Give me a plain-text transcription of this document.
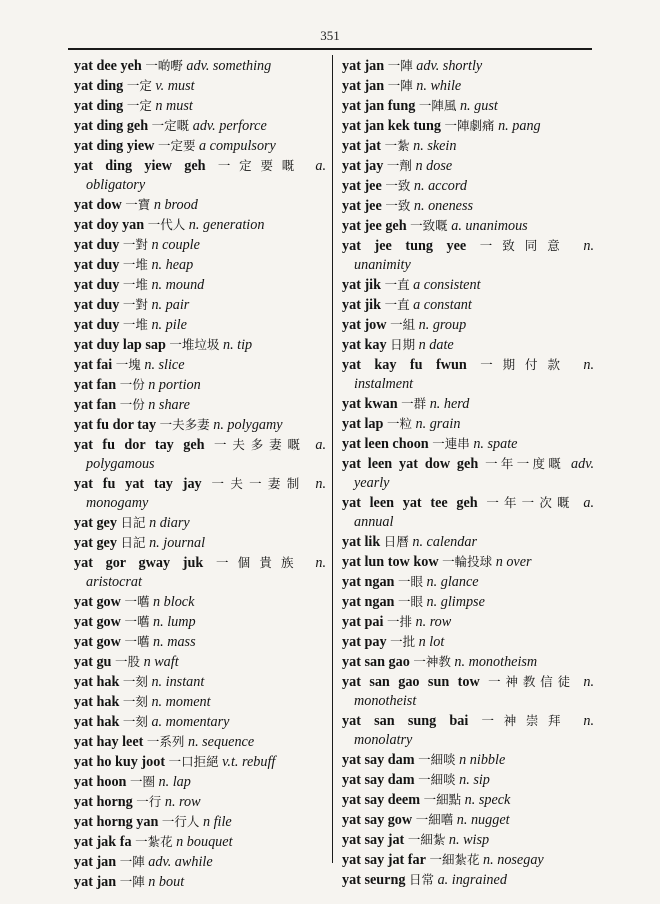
351

yat dee yeh 一啲嘢 adv. something

yat ding 一定 v. must

yat ding 一定 n must

yat ding geh 一定嘅 adv. perforce

yat ding yiew 一定要 a compulsory

yat ding yiew geh 一定要嘅 a.
obligatory

yat dow 一寶 n brood

yat doy yan 一代人 n. generation

yat duy 一對 n couple

yat duy 一堆 n. heap

yat duy 一堆 n. mound

yat duy 一對 n. pair

yat duy 一堆 n. pile

yat duy lap sap 一堆垃圾 n. tip

yat fai 一塊 n. slice

yat fan 一份 n portion

yat fan 一份 n share

yat fu dor tay 一夫多妻 n. polygamy

yat fu dor tay geh 一夫多妻嘅 a.
polygamous

yat fu yat tay jay 一夫一妻制 n.
monogamy

yat gey 日記 n diary

yat gey 日記 n. journal

yat gor gway juk 一個貴族 n.
aristocrat

yat gow 一嚿 n block

yat gow 一嚿 n. lump

yat gow 一嚿 n. mass

yat gu 一股 n waft

yat hak 一刻 n. instant

yat hak 一刻 n. moment

yat hak 一刻 a. momentary

yat hay leet 一系列 n. sequence

yat ho kuy joot 一口拒絕 v.t. rebuff

yat hoon 一圈 n. lap

yat horng 一行 n. row

yat horng yan 一行人 n file

yat jak fa 一紮花 n bouquet

yat jan 一陣 adv. awhile

yat jan 一陣 n bout

yat jan 一陣 adv. shortly

yat jan 一陣 n. while

yat jan fung 一陣風 n. gust

yat jan kek tung 一陣劇痛 n. pang

yat jat 一紮 n. skein

yat jay 一劑 n dose

yat jee 一致 n. accord

yat jee 一致 n. oneness

yat jee geh 一致嘅 a. unanimous

yat jee tung yee 一致同意 n.
unanimity

yat jik 一直 a consistent

yat jik 一直 a constant

yat jow 一組 n. group

yat kay 日期 n date

yat kay fu fwun 一期付款 n.
instalment

yat kwan 一群 n. herd

yat lap 一粒 n. grain

yat leen choon 一連串 n. spate

yat leen yat dow geh 一年一度嘅 adv.
yearly

yat leen yat tee geh 一年一次嘅 a.
annual

yat lik 日曆 n. calendar

yat lun tow kow 一輪投球 n over

yat ngan 一眼 n. glance

yat ngan 一眼 n. glimpse

yat pai 一排 n. row

yat pay 一批 n lot

yat san gao 一神教 n. monotheism

yat san gao sun tow 一神教信徒 n.
monotheist

yat san sung bai 一神崇拜 n.
monolatry

yat say dam 一細啖 n nibble

yat say dam 一細啖 n. sip

yat say deem 一細點 n. speck

yat say gow 一細嚿 n. nugget

yat say jat 一細紮 n. wisp

yat say jat far 一細紮花 n. nosegay

yat seurng 日常 a. ingrained
